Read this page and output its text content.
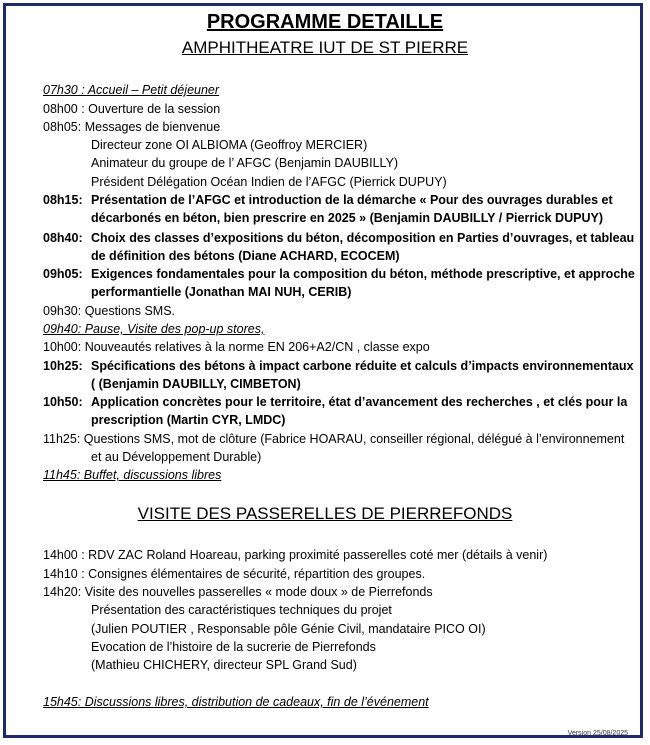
PROGRAMME DETAILLE
AMPHITHEATRE IUT DE ST PIERRE
07h30 : Accueil – Petit déjeuner
08h00 : Ouverture de la session
08h05: Messages de bienvenue
Directeur zone OI ALBIOMA (Geoffroy MERCIER)
Animateur du groupe de l’ AFGC (Benjamin DAUBILLY)
Président Délégation Océan Indien de l’AFGC (Pierrick DUPUY)
08h15: Présentation de l’AFGC et introduction de la démarche « Pour des ouvrages durables et
décarbonés en béton, bien prescrire en 2025 » (Benjamin DAUBILLY / Pierrick DUPUY)
08h40: Choix des classes d’expositions du béton, décomposition en Parties d’ouvrages, et tableau
de définition des bétons (Diane ACHARD, ECOCEM)
09h05: Exigences fondamentales pour la composition du béton, méthode prescriptive, et approche
performantielle (Jonathan MAI NUH, CERIB)
09h30: Questions SMS.
09h40: Pause, Visite des pop-up stores,
10h00: Nouveautés relatives à la norme EN 206+A2/CN , classe expo
10h25: Spécifications des bétons à impact carbone réduite et calculs d’impacts environnementaux
( (Benjamin DAUBILLY, CIMBETON)
10h50: Application concrètes pour le territoire, état d’avancement des recherches , et clés pour la
prescription (Martin CYR, LMDC)
11h25: Questions SMS, mot de clôture (Fabrice HOARAU, conseiller régional, délégué à l’environnement
et au Développement Durable)
11h45: Buffet, discussions libres
VISITE DES PASSERELLES DE PIERREFONDS
14h00 : RDV ZAC Roland Hoareau, parking proximité passerelles coté mer (détails à venir)
14h10 : Consignes élémentaires de sécurité, répartition des groupes.
14h20: Visite des nouvelles passerelles « mode doux » de Pierrefonds
Présentation des caractéristiques techniques du projet
(Julien POUTIER , Responsable pôle Génie Civil, mandataire PICO OI)
Evocation de l’histoire de la sucrerie de Pierrefonds
(Mathieu CHICHERY, directeur SPL Grand Sud)
15h45: Discussions libres, distribution de cadeaux, fin de l’événement
Version 25/08/2025
